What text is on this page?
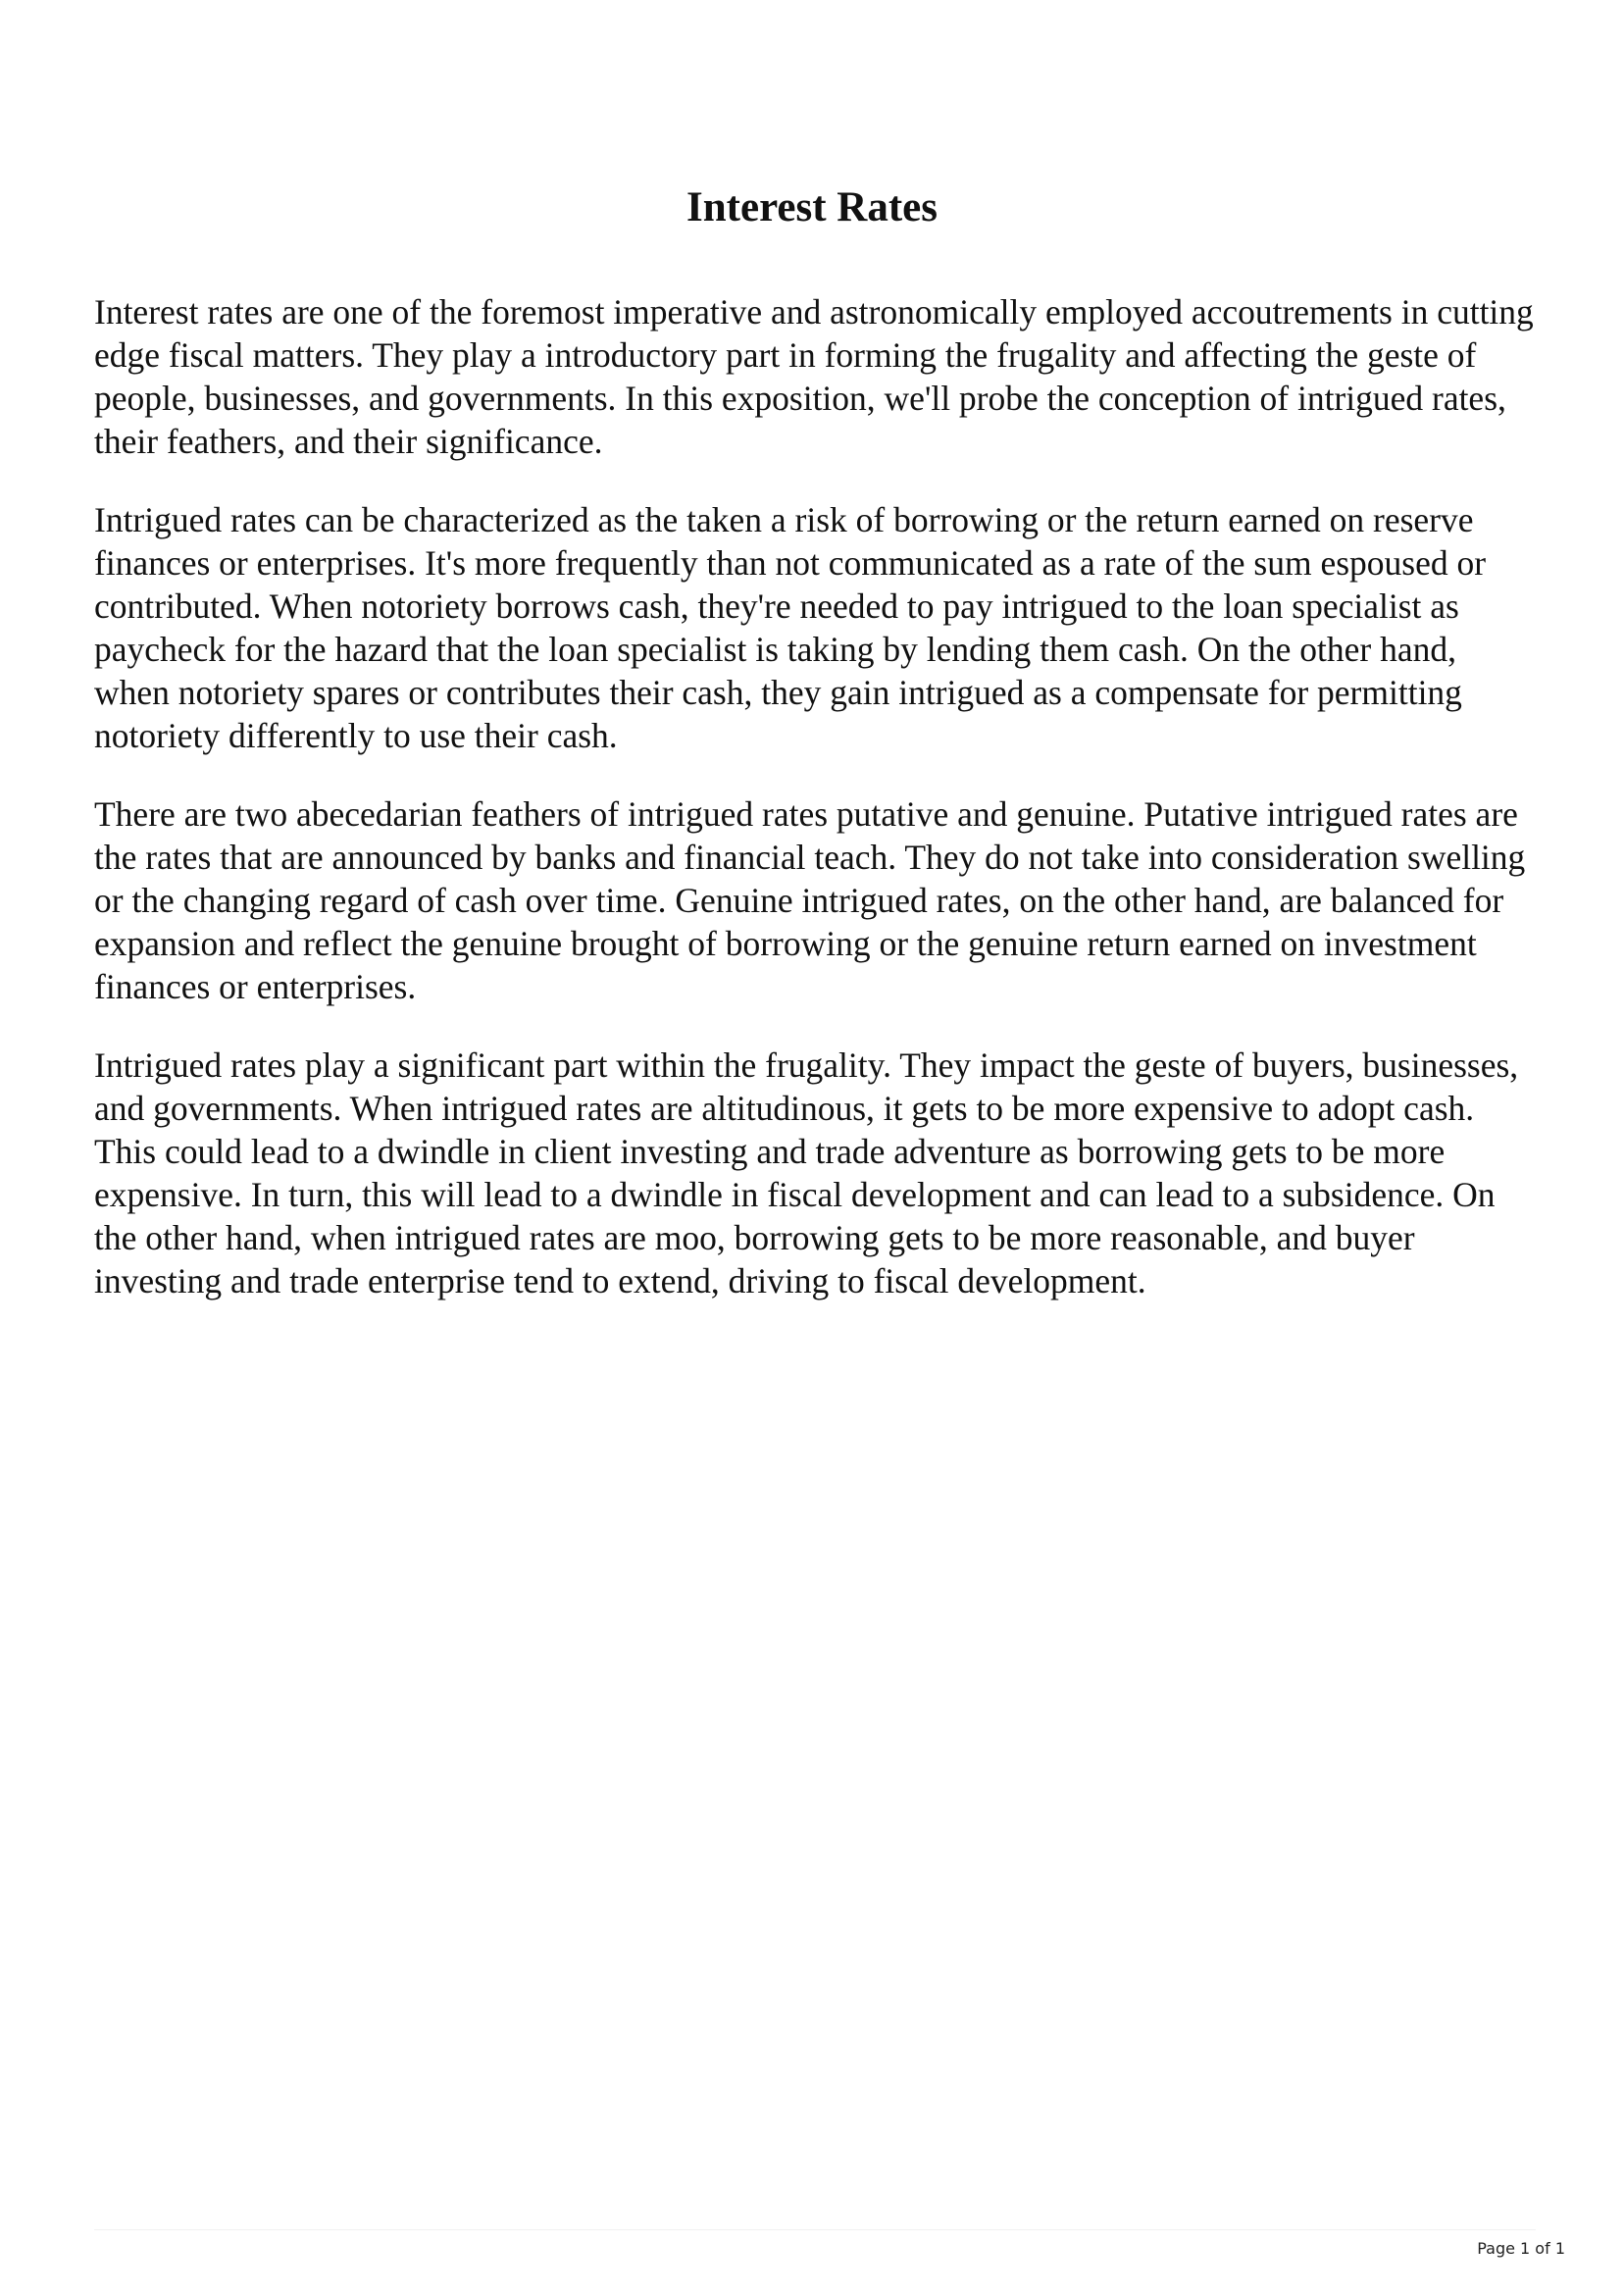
Interest Rates

Interest rates are one of the foremost imperative and astronomically employed accoutrements in cutting edge fiscal matters. They play a introductory part in forming the frugality and affecting the geste of people, businesses, and governments. In this exposition, we'll probe the conception of intrigued rates, their feathers, and their significance.

Intrigued rates can be characterized as the taken a risk of borrowing or the return earned on reserve finances or enterprises. It's more frequently than not communicated as a rate of the sum espoused or contributed. When notoriety borrows cash, they're needed to pay intrigued to the loan specialist as paycheck for the hazard that the loan specialist is taking by lending them cash. On the other hand, when notoriety spares or contributes their cash, they gain intrigued as a compensate for permitting notoriety differently to use their cash.

There are two abecedarian feathers of intrigued rates putative and genuine. Putative intrigued rates are the rates that are announced by banks and financial teach. They do not take into consideration swelling or the changing regard of cash over time. Genuine intrigued rates, on the other hand, are balanced for expansion and reflect the genuine brought of borrowing or the genuine return earned on investment finances or enterprises.

Intrigued rates play a significant part within the frugality. They impact the geste of buyers, businesses, and governments. When intrigued rates are altitudinous, it gets to be more expensive to adopt cash. This could lead to a dwindle in client investing and trade adventure as borrowing gets to be more expensive. In turn, this will lead to a dwindle in fiscal development and can lead to a subsidence. On the other hand, when intrigued rates are moo, borrowing gets to be more reasonable, and buyer investing and trade enterprise tend to extend, driving to fiscal development.

Page 1 of 1
